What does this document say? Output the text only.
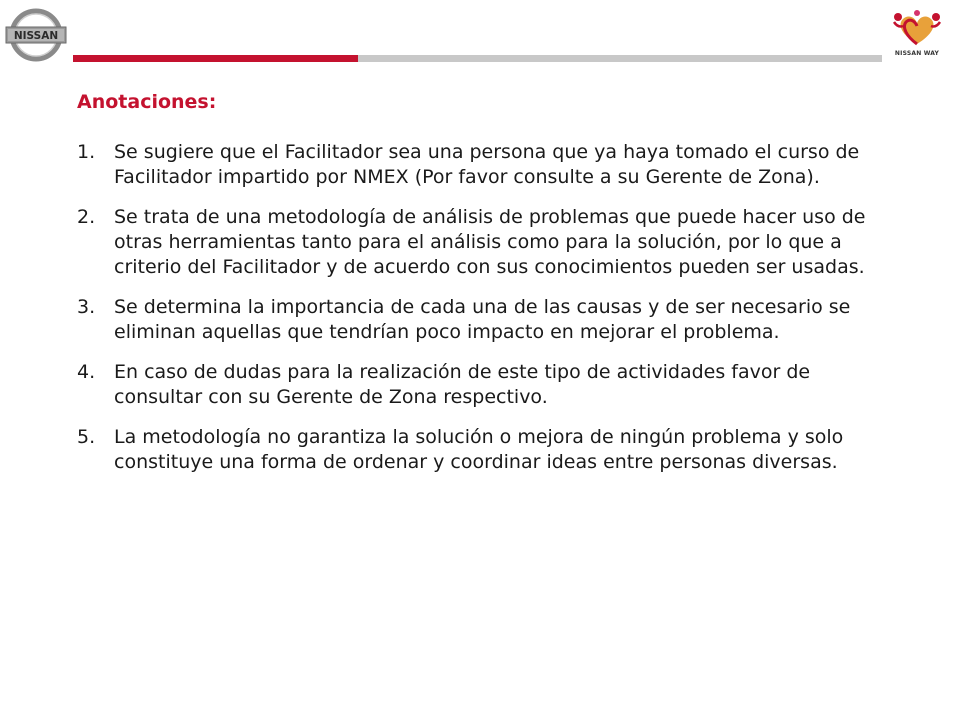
NISSAN
NISSAN WAY
Anotaciones:
1. Se sugiere que el Facilitador sea una persona que ya haya tomado el curso de Facilitador impartido por NMEX (Por favor consulte a su Gerente de Zona).
2. Se trata de una metodología de análisis de problemas que puede hacer uso de otras herramientas tanto para el análisis como para la solución, por lo que a criterio del Facilitador y de acuerdo con sus conocimientos pueden ser usadas.
3. Se determina la importancia de cada una de las causas y de ser necesario se eliminan aquellas que tendrían poco impacto en mejorar el problema.
4. En caso de dudas para la realización de este tipo de actividades favor de consultar con su Gerente de Zona respectivo.
5. La metodología no garantiza la solución o mejora de ningún problema y solo constituye una forma de ordenar y coordinar ideas entre personas diversas.
